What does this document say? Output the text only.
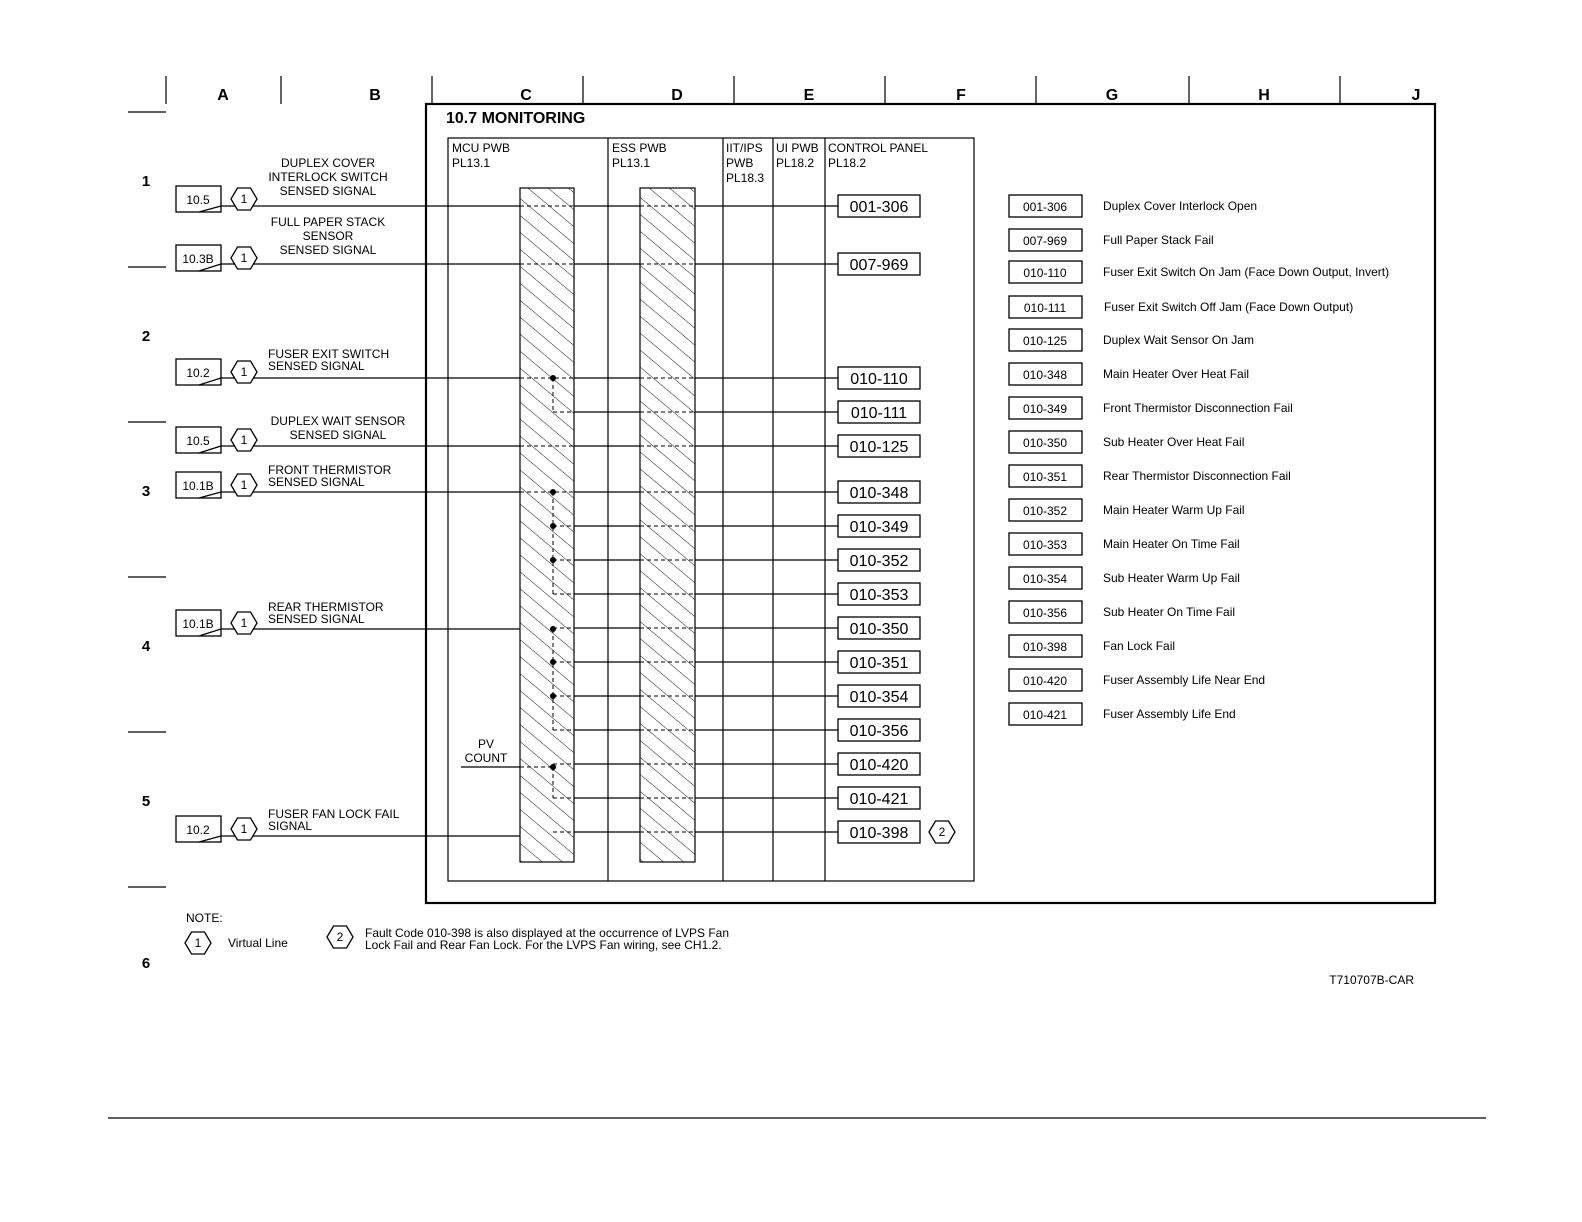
A	B	C	D	E	F	G	H	J
1
2
3
4
5
6
10.7 MONITORING
MCU PWB
PL13.1
ESS PWB
PL13.1
IIT/IPS PWB
PL18.3
UI PWB
PL18.2
CONTROL PANEL
PL18.2
PV
COUNT
10.5	1
DUPLEX COVER
INTERLOCK SWITCH
SENSED SIGNAL
10.3B 1
FULL PAPER STACK
SENSOR
SENSED SIGNAL
10.2	1
FUSER EXIT SWITCH
SENSED SIGNAL
10.5	1
DUPLEX WAIT SENSOR
SENSED SIGNAL
10.1B 1
FRONT THERMISTOR
SENSED SIGNAL
10.1B 1
REAR THERMISTOR
SENSED SIGNAL
10.2	1
FUSER FAN LOCK FAIL
SIGNAL
001-306
007-969
010-110
010-111
010-125
010-348
010-349
010-352
010-353
010-350
010-351
010-354
010-356
010-420
010-421
010-398	2
001-306	Duplex Cover Interlock Open
007-969	Full Paper Stack Fail
010-110	Fuser Exit Switch On Jam (Face Down Output, Invert)
010-111	Fuser Exit Switch Off Jam (Face Down Output)
010-125	Duplex Wait Sensor On Jam
010-348	Main Heater Over Heat Fail
010-349	Front Thermistor Disconnection Fail
010-350	Sub Heater Over Heat Fail
010-351	Rear Thermistor Disconnection Fail
010-352	Main Heater Warm Up Fail
010-353	Main Heater On Time Fail
010-354	Sub Heater Warm Up Fail
010-356	Sub Heater On Time Fail
010-398	Fan Lock Fail
010-420	Fuser Assembly Life Near End
010-421	Fuser Assembly Life End
NOTE:
1 Virtual Line	2 Fault Code 010-398 is also displayed at the occurrence of LVPS Fan
Lock Fail and Rear Fan Lock. For the LVPS Fan wiring, see CH1.2.
T710707B-CAR
